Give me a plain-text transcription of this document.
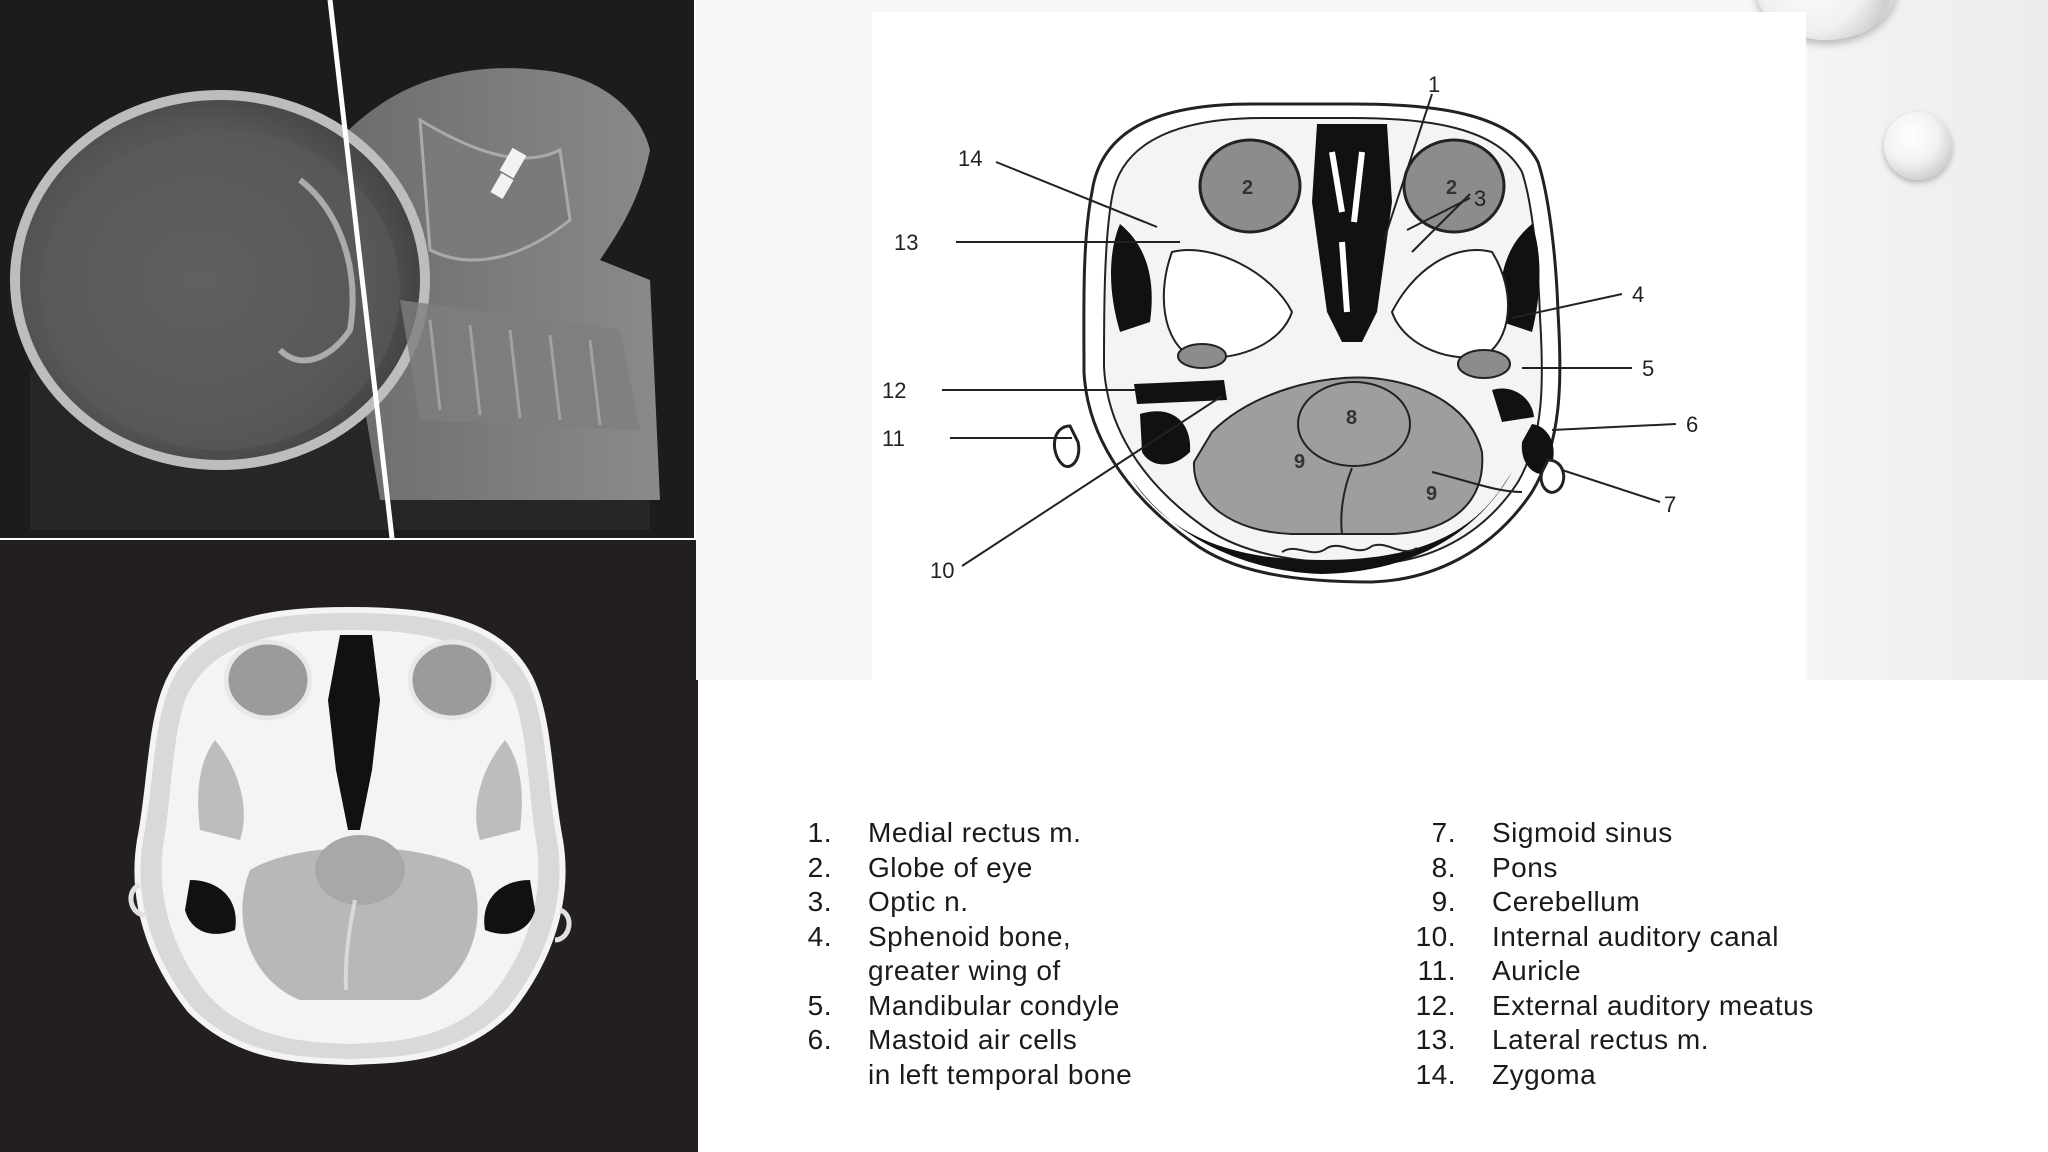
2	2
8
9
9
1
3
4
5
6
7
10
11
12
13
14
1.	Medial rectus m.
2.	Globe of eye
3.	Optic n.
4.	Sphenoid bone,
greater wing of
5.	Mandibular condyle
6.	Mastoid air cells
in left temporal bone
7.	Sigmoid sinus
8.	Pons
9.	Cerebellum
10.	Internal auditory canal
11.	Auricle
12.	External auditory meatus
13.	Lateral rectus m.
14.	Zygoma
